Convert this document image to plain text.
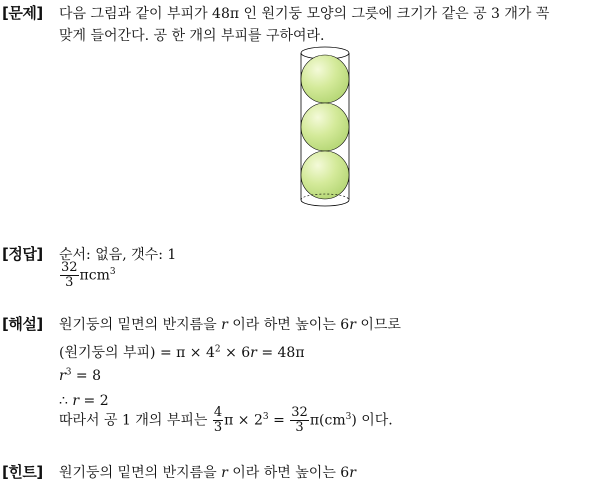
[문제] 다음 그림과 같이 부피가 48π 인 원기둥 모양의 그릇에 크기가 같은 공 3 개가 꼭
맞게 들어간다. 공 한 개의 부피를 구하여라.
[정답] 순서: 없음, 갯수: 1
$\frac{32}{3} \pi cm^3$
[해설] 원기둥의 밑면의 반지름을 r 이라 하면 높이는 6r 이므로
(원기둥의 부피) = $\pi \times 4^2 \times 6r = 48\pi$
$r^3 = 8$
∴ r = 2
따라서 공 1 개의 부피는 $\frac{4}{3}$ $\pi \times 2^3 = \frac{32}{3} \pi(cm^3)$ 이다.
[힌트] 원기둥의 밑면의 반지름을 r 이라 하면 높이는 6r
